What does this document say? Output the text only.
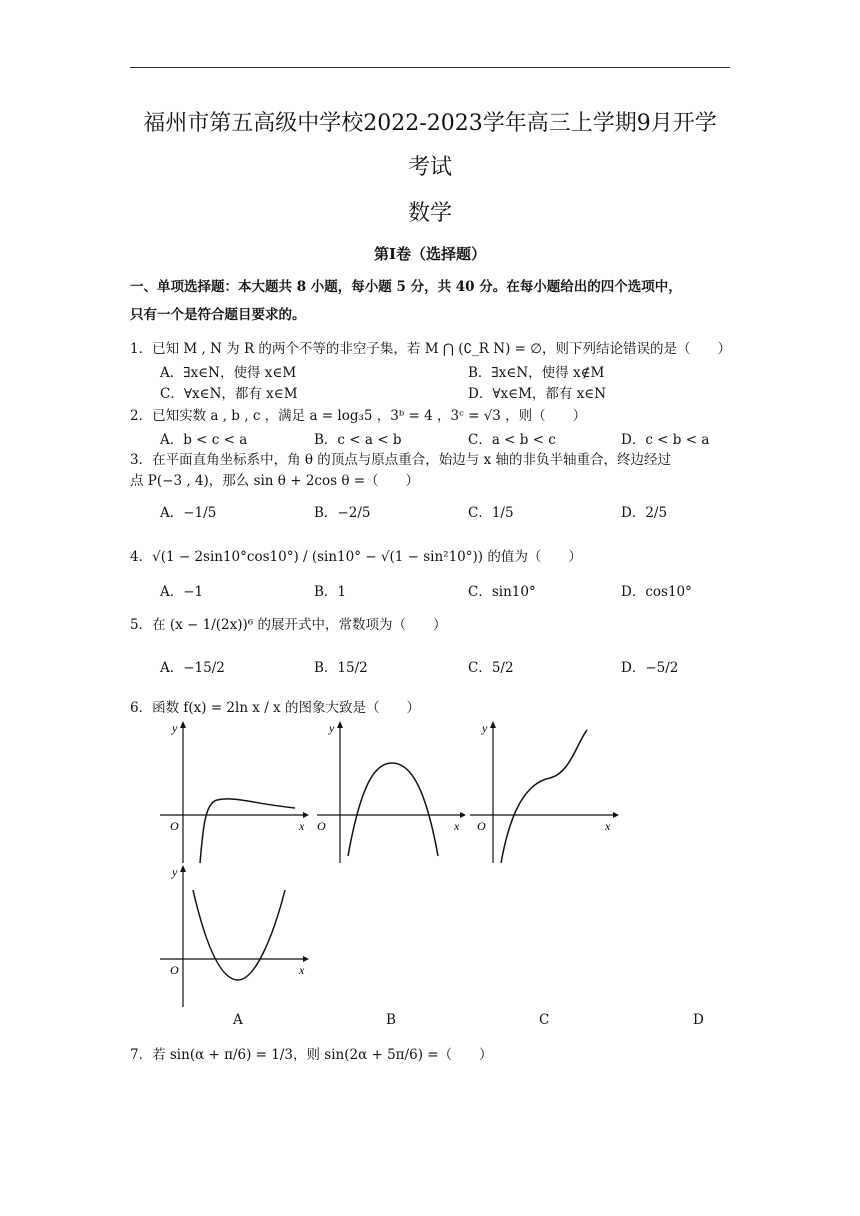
福州市第五高级中学校2022-2023学年高三上学期9月开学
考试
数学
第Ⅰ卷（选择题）
一、单项选择题：本大题共 8 小题，每小题 5 分，共 40 分。在每小题给出的四个选项中，
只有一个是符合题目要求的。
1．已知 M , N 为 R 的两个不等的非空子集，若 M ⋂ (∁_R N) = ∅，则下列结论错误的是（　　）
A．∃x∈N，使得 x∈M	B．∃x∈N，使得 x∉M
C．∀x∈N，都有 x∈M	D．∀x∈M，都有 x∈N
2．已知实数 a , b , c ，满足 a = log₃5 ，3ᵇ = 4 ，3ᶜ = √3 ，则（　　）
A．b < c < a	B．c < a < b	C．a < b < c	D．c < b < a
3．在平面直角坐标系中，角 θ 的顶点与原点重合，始边与 x 轴的非负半轴重合，终边经过
点 P(−3 , 4)，那么 sin θ + 2cos θ =（　　）
A．−1/5	B．−2/5	C．1/5	D．2/5
4．√(1 − 2sin10°cos10°) / (sin10° − √(1 − sin²10°)) 的值为（　　）
A．−1	B．1	C．sin10°	D．cos10°
5．在 (x − 1/(2x))⁶ 的展开式中，常数项为（　　）
A．−15/2	B．15/2	C．5/2	D．−5/2
6．函数 f(x) = 2ln x / x 的图象大致是（　　）
y
O	x
y
O	x
y
O	x
y
O	x
A	B	C	D
7．若 sin(α + π/6) = 1/3，则 sin(2α + 5π/6) =（　　）
